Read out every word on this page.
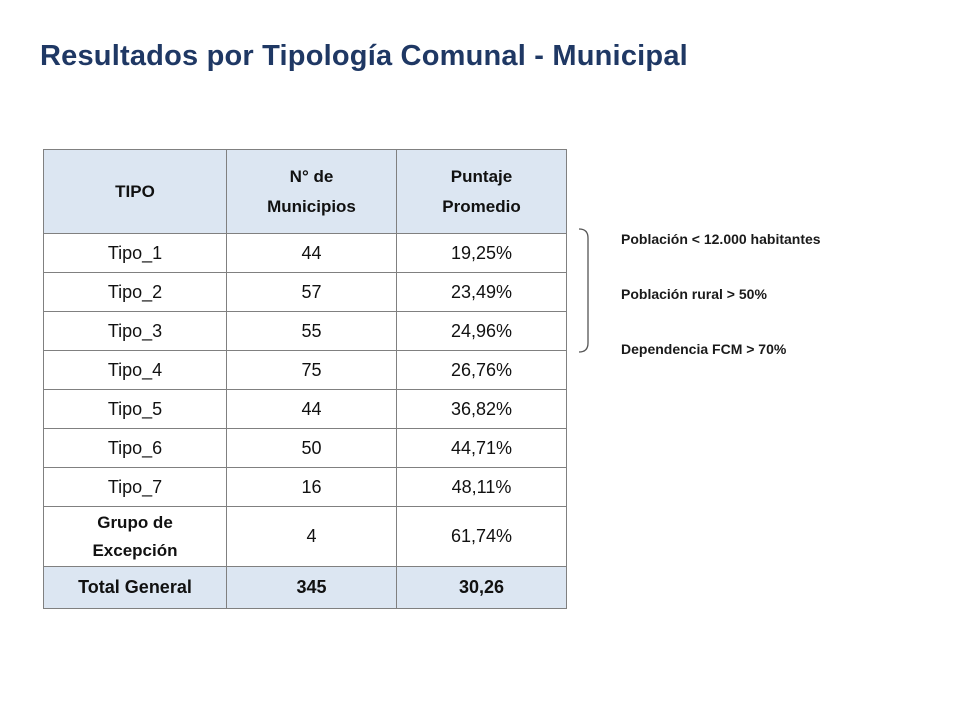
Resultados por Tipología Comunal - Municipal
TIPO	N° de Municipios	Puntaje Promedio
Tipo_1	44	19,25%
Tipo_2	57	23,49%
Tipo_3	55	24,96%
Tipo_4	75	26,76%
Tipo_5	44	36,82%
Tipo_6	50	44,71%
Tipo_7	16	48,11%
Grupo de Excepción	4	61,74%
Total General	345	30,26
Población < 12.000 habitantes
Población rural > 50%
Dependencia FCM > 70%
